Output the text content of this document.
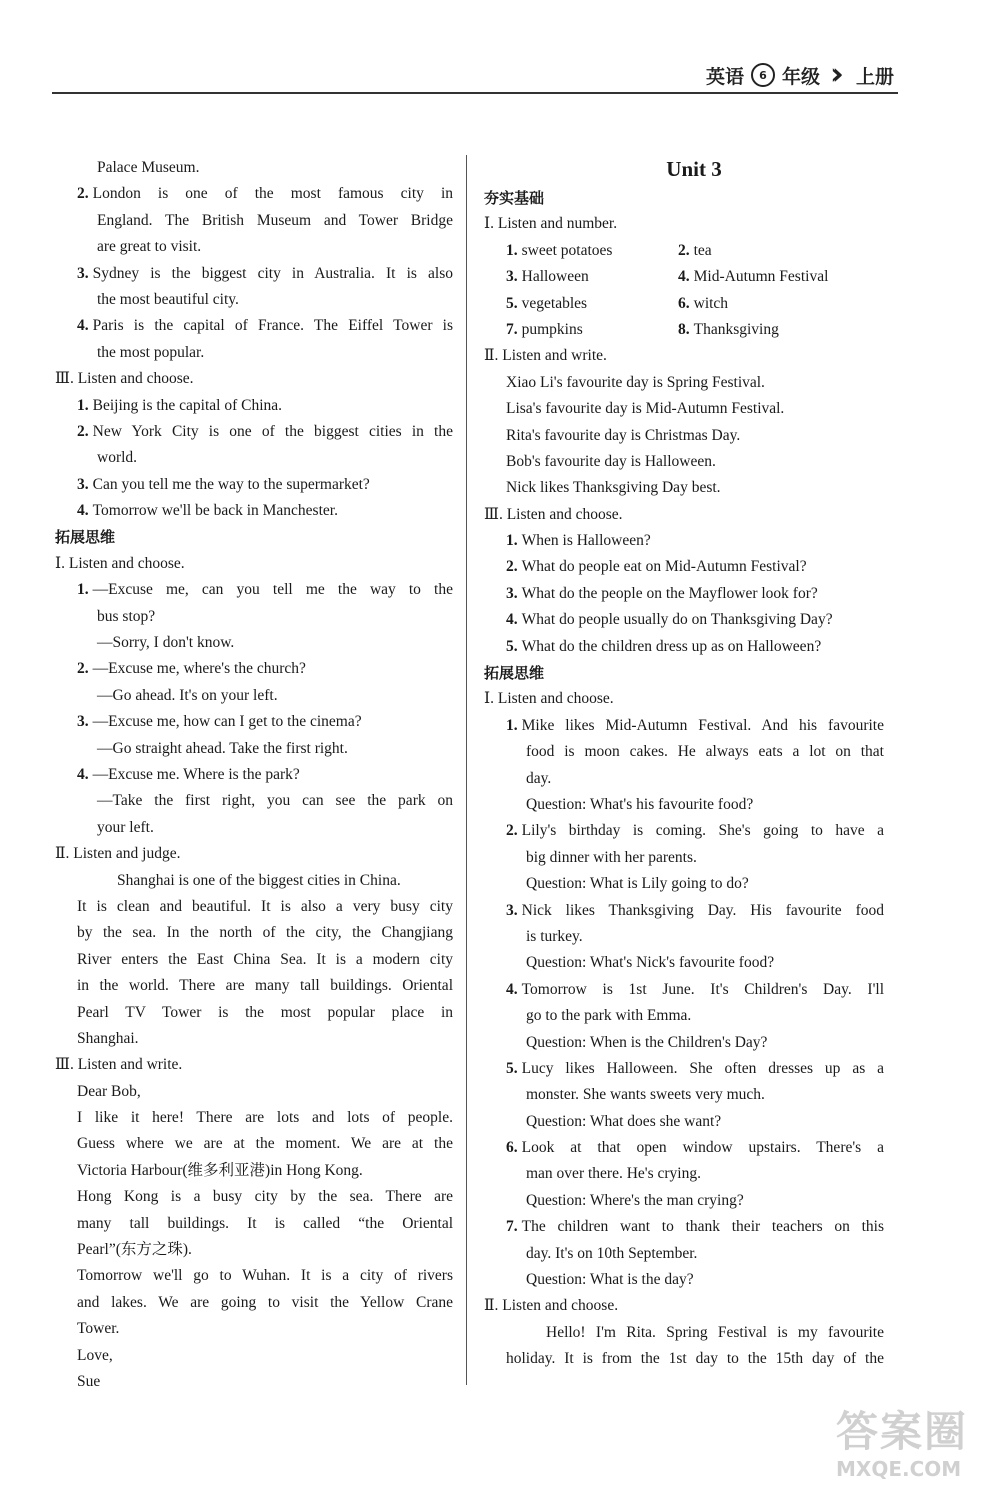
英语	6 年级 ›› 上册
Palace Museum.
2. London is one of the most famous city in
England. The British Museum and Tower Bridge
are great to visit.
3. Sydney is the biggest city in Australia. It is also
the most beautiful city.
4. Paris is the capital of France. The Eiffel Tower is
the most popular.
Ⅲ. Listen and choose.
1. Beijing is the capital of China.
2. New York City is one of the biggest cities in the
world.
3. Can you tell me the way to the supermarket?
4. Tomorrow we'll be back in Manchester.
拓展思维
Ⅰ. Listen and choose.
1. —Excuse me, can you tell me the way to the
bus stop?
—Sorry, I don't know.
2. —Excuse me, where's the church?
—Go ahead. It's on your left.
3. —Excuse me, how can I get to the cinema?
—Go straight ahead. Take the first right.
4. —Excuse me. Where is the park?
—Take the first right, you can see the park on
your left.
Ⅱ. Listen and judge.
Shanghai is one of the biggest cities in China.
It is clean and beautiful. It is also a very busy city
by the sea. In the north of the city, the Changjiang
River enters the East China Sea. It is a modern city
in the world. There are many tall buildings. Oriental
Pearl TV Tower is the most popular place in
Shanghai.
Ⅲ. Listen and write.
Dear Bob,
I like it here! There are lots and lots of people.
Guess where we are at the moment. We are at the
Victoria Harbour(维多利亚港)in Hong Kong.
Hong Kong is a busy city by the sea. There are
many tall buildings. It is called “the Oriental
Pearl”(东方之珠).
Tomorrow we'll go to Wuhan. It is a city of rivers
and lakes. We are going to visit the Yellow Crane
Tower.
Love,
Sue
Unit 3
夯实基础
Ⅰ. Listen and number.
1. sweet potatoes	2. tea
3. Halloween	4. Mid-Autumn Festival
5. vegetables	6. witch
7. pumpkins	8. Thanksgiving
Ⅱ. Listen and write.
Xiao Li's favourite day is Spring Festival.
Lisa's favourite day is Mid-Autumn Festival.
Rita's favourite day is Christmas Day.
Bob's favourite day is Halloween.
Nick likes Thanksgiving Day best.
Ⅲ. Listen and choose.
1. When is Halloween?
2. What do people eat on Mid-Autumn Festival?
3. What do the people on the Mayflower look for?
4. What do people usually do on Thanksgiving Day?
5. What do the children dress up as on Halloween?
拓展思维
Ⅰ. Listen and choose.
1. Mike likes Mid-Autumn Festival. And his favourite
food is moon cakes. He always eats a lot on that
day.
Question: What's his favourite food?
2. Lily's birthday is coming. She's going to have a
big dinner with her parents.
Question: What is Lily going to do?
3. Nick likes Thanksgiving Day. His favourite food
is turkey.
Question: What's Nick's favourite food?
4. Tomorrow is 1st June. It's Children's Day. I'll
go to the park with Emma.
Question: When is the Children's Day?
5. Lucy likes Halloween. She often dresses up as a
monster. She wants sweets very much.
Question: What does she want?
6. Look at that open window upstairs. There's a
man over there. He's crying.
Question: Where's the man crying?
7. The children want to thank their teachers on this
day. It's on 10th September.
Question: What is the day?
Ⅱ. Listen and choose.
Hello! I'm Rita. Spring Festival is my favourite
holiday. It is from the 1st day to the 15th day of the
答案圈
MXQE.COM
